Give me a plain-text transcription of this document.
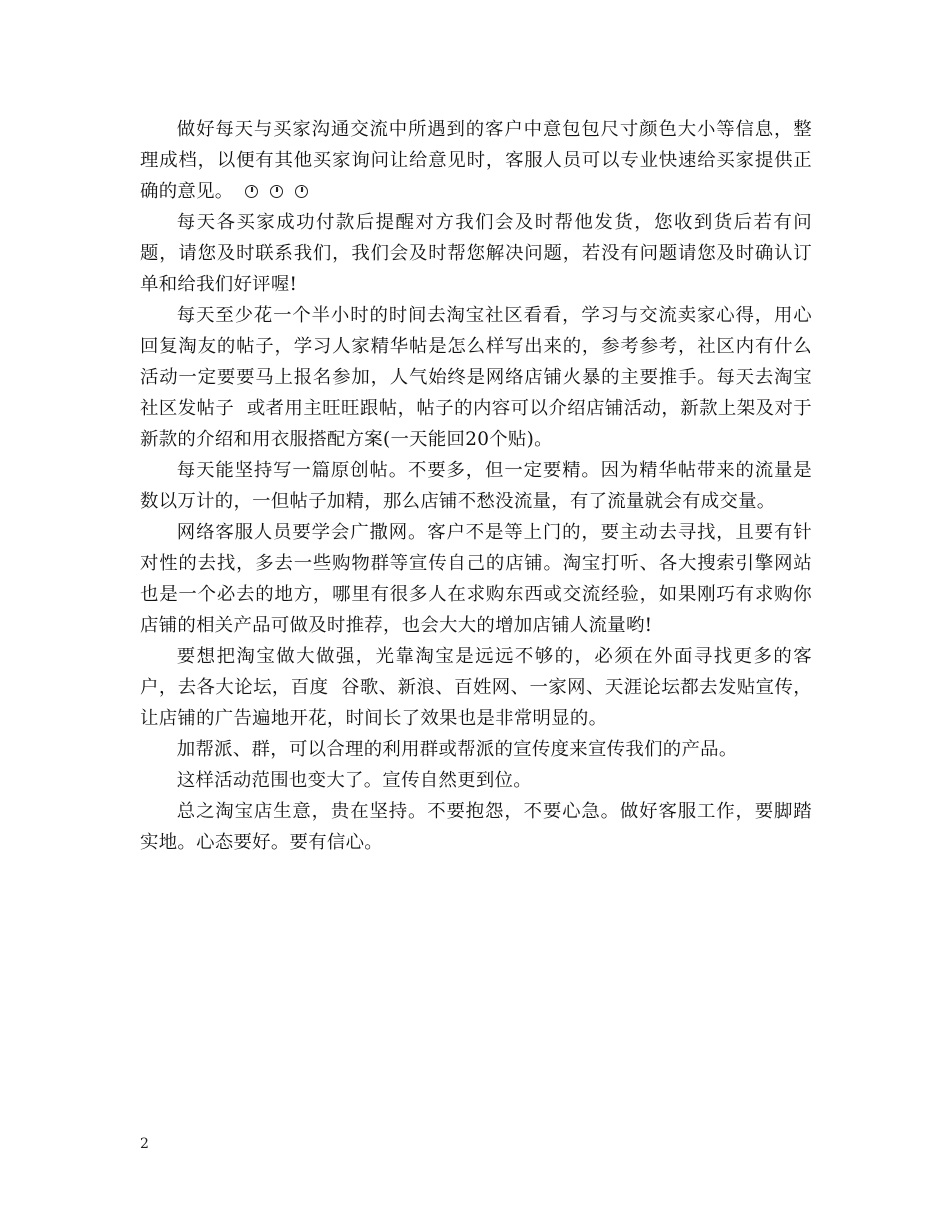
做好每天与买家沟通交流中所遇到的客户中意包包尺寸颜色大小等信息，整理成档，以便有其他买家询问让给意见时，客服人员可以专业快速给买家提供正确的意见。

每天各买家成功付款后提醒对方我们会及时帮他发货，您收到货后若有问题，请您及时联系我们，我们会及时帮您解决问题，若没有问题请您及时确认订单和给我们好评喔!

每天至少花一个半小时的时间去淘宝社区看看，学习与交流卖家心得，用心回复淘友的帖子，学习人家精华帖是怎么样写出来的，参考参考，社区内有什么活动一定要要马上报名参加，人气始终是网络店铺火暴的主要推手。每天去淘宝社区发帖子  或者用主旺旺跟帖，帖子的内容可以介绍店铺活动，新款上架及对于新款的介绍和用衣服搭配方案(一天能回20个贴)。

每天能坚持写一篇原创帖。不要多，但一定要精。因为精华帖带来的流量是数以万计的，一但帖子加精，那么店铺不愁没流量，有了流量就会有成交量。

网络客服人员要学会广撒网。客户不是等上门的，要主动去寻找，且要有针对性的去找，多去一些购物群等宣传自己的店铺。淘宝打听、各大搜索引擎网站也是一个必去的地方，哪里有很多人在求购东西或交流经验，如果刚巧有求购你店铺的相关产品可做及时推荐，也会大大的增加店铺人流量哟!

要想把淘宝做大做强，光靠淘宝是远远不够的，必须在外面寻找更多的客户，去各大论坛，百度  谷歌、新浪、百姓网、一家网、天涯论坛都去发贴宣传，让店铺的广告遍地开花，时间长了效果也是非常明显的。

加帮派、群，可以合理的利用群或帮派的宣传度来宣传我们的产品。

这样活动范围也变大了。宣传自然更到位。

总之淘宝店生意，贵在坚持。不要抱怨，不要心急。做好客服工作，要脚踏实地。心态要好。要有信心。

2
